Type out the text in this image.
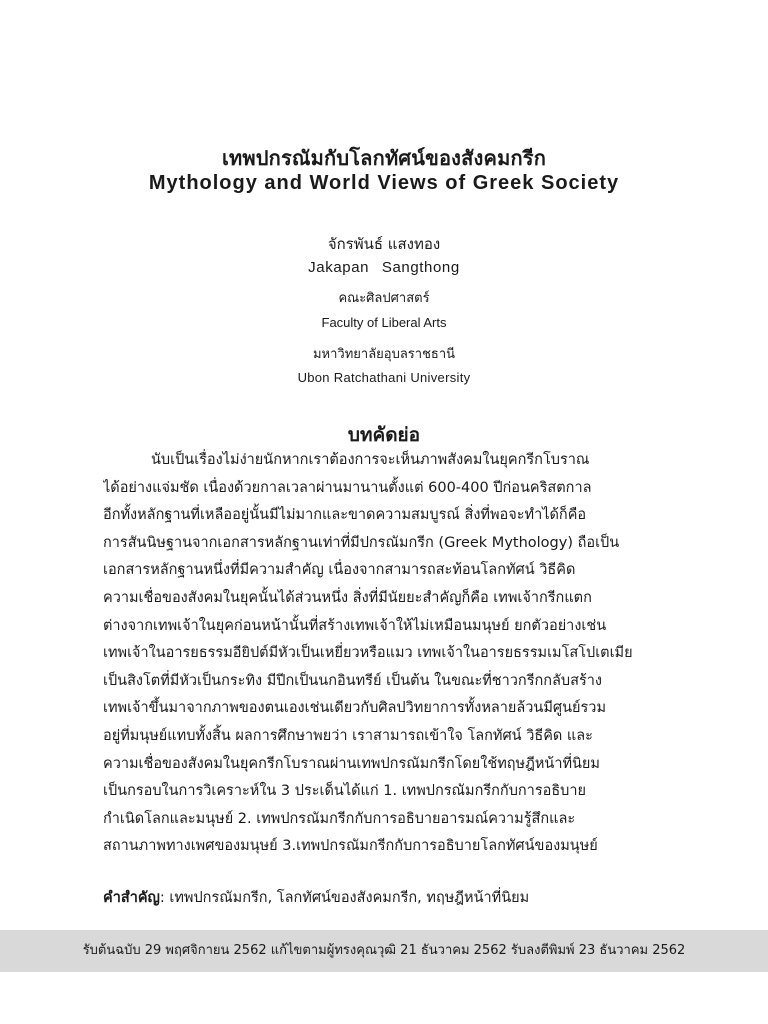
เทพปกรณัมกับโลกทัศน์ของสังคมกรีก
Mythology and World Views of Greek Society
จักรพันธ์ แสงทอง
Jakapan Sangthong
คณะศิลปศาสตร์
Faculty of Liberal Arts
มหาวิทยาลัยอุบลราชธานี
Ubon Ratchathani University
บทคัดย่อ
นับเป็นเรื่องไม่ง่ายนักหากเราต้องการจะเห็นภาพสังคมในยุคกรีกโบราณ
ได้อย่างแจ่มชัด เนื่องด้วยกาลเวลาผ่านมานานตั้งแต่ 600-400 ปีก่อนคริสตกาล
อีกทั้งหลักฐานที่เหลืออยู่นั้นมีไม่มากและขาดความสมบูรณ์ สิ่งที่พอจะทำได้ก็คือ
การสันนิษฐานจากเอกสารหลักฐานเท่าที่มีปกรณัมกรีก (Greek Mythology) ถือเป็น
เอกสารหลักฐานหนึ่งที่มีความสำคัญ เนื่องจากสามารถสะท้อนโลกทัศน์ วิธีคิด
ความเชื่อของสังคมในยุคนั้นได้ส่วนหนึ่ง สิ่งที่มีนัยยะสำคัญก็คือ เทพเจ้ากรีกแตก
ต่างจากเทพเจ้าในยุคก่อนหน้านั้นที่สร้างเทพเจ้าให้ไม่เหมือนมนุษย์ ยกตัวอย่างเช่น
เทพเจ้าในอารยธรรมอียิปต์มีหัวเป็นเหยี่ยวหรือแมว เทพเจ้าในอารยธรรมเมโสโปเตเมีย
เป็นสิงโตที่มีหัวเป็นกระทิง มีปีกเป็นนกอินทรีย์ เป็นต้น ในขณะที่ชาวกรีกกลับสร้าง
เทพเจ้าขึ้นมาจากภาพของตนเองเช่นเดียวกับศิลปวิทยาการทั้งหลายล้วนมีศูนย์รวม
อยู่ที่มนุษย์แทบทั้งสิ้น ผลการศึกษาพยว่า เราสามารถเข้าใจ โลกทัศน์ วิธีคิด และ
ความเชื่อของสังคมในยุคกรีกโบราณผ่านเทพปกรณัมกรีกโดยใช้ทฤษฎีหน้าที่นิยม
เป็นกรอบในการวิเคราะห์ใน 3 ประเด็นได้แก่ 1. เทพปกรณัมกรีกกับการอธิบาย
กำเนิดโลกและมนุษย์ 2. เทพปกรณัมกรีกกับการอธิบายอารมณ์ความรู้สึกและ
สถานภาพทางเพศของมนุษย์ 3.เทพปกรณัมกรีกกับการอธิบายโลกทัศน์ของมนุษย์
คำสำคัญ: เทพปกรณัมกรีก, โลกทัศน์ของสังคมกรีก, ทฤษฎีหน้าที่นิยม
รับต้นฉบับ 29 พฤศจิกายน 2562 แก้ไขตามผู้ทรงคุณวุฒิ 21 ธันวาคม 2562 รับลงตีพิมพ์ 23 ธันวาคม 2562
